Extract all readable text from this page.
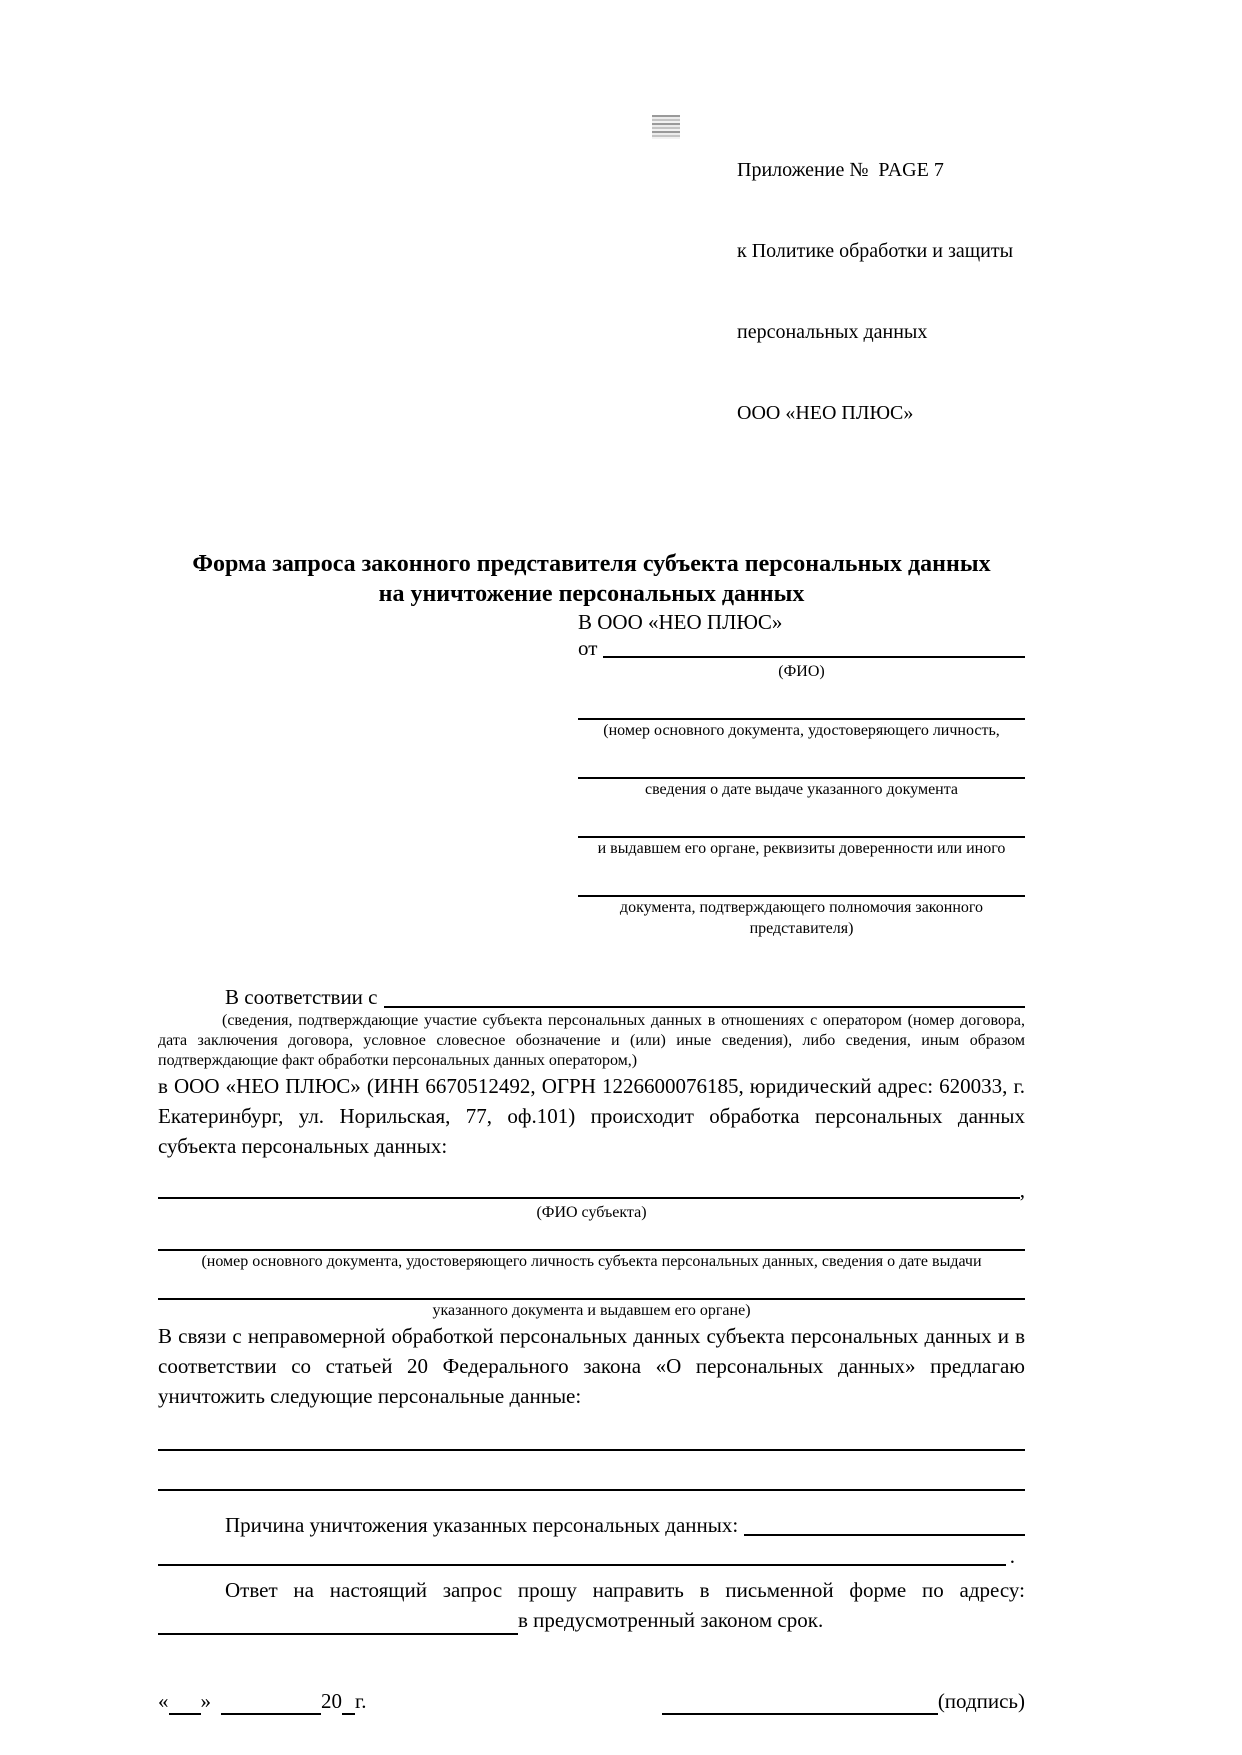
Приложение №  PAGE 7

к Политике обработки и защиты

персональных данных

ООО «НЕО ПЛЮС»

Форма запроса законного представителя субъекта персональных данных
на уничтожение персональных данных
В ООО «НЕО ПЛЮС»
от
(ФИО)
(номер основного документа, удостоверяющего личность,
сведения о дате выдаче указанного документа
и выдавшем его органе, реквизиты доверенности или иного
документа, подтверждающего полномочия законного представителя)
В соответствии с
(сведения, подтверждающие участие субъекта персональных данных в отношениях с оператором (номер договора, дата заключения договора, условное словесное обозначение и (или) иные сведения), либо сведения, иным образом подтверждающие факт обработки персональных данных оператором,)
в ООО «НЕО ПЛЮС» (ИНН 6670512492, ОГРН 1226600076185, юридический адрес: 620033, г. Екатеринбург, ул. Норильская, 77, оф.101) происходит обработка персональных данных субъекта персональных данных:
,
(ФИО субъекта)
(номер основного документа, удостоверяющего личность субъекта персональных данных, сведения о дате выдачи
указанного документа и выдавшем его органе)
В связи с неправомерной обработкой персональных данных субъекта персональных данных и в соответствии со статьей 20 Федерального закона «О персональных данных» предлагаю уничтожить следующие персональные данные:
Причина уничтожения указанных персональных данных:
.
Ответ на настоящий запрос прошу направить в письменной форме по адресу:
в предусмотренный законом срок.
« »	20 г.	(подпись)
